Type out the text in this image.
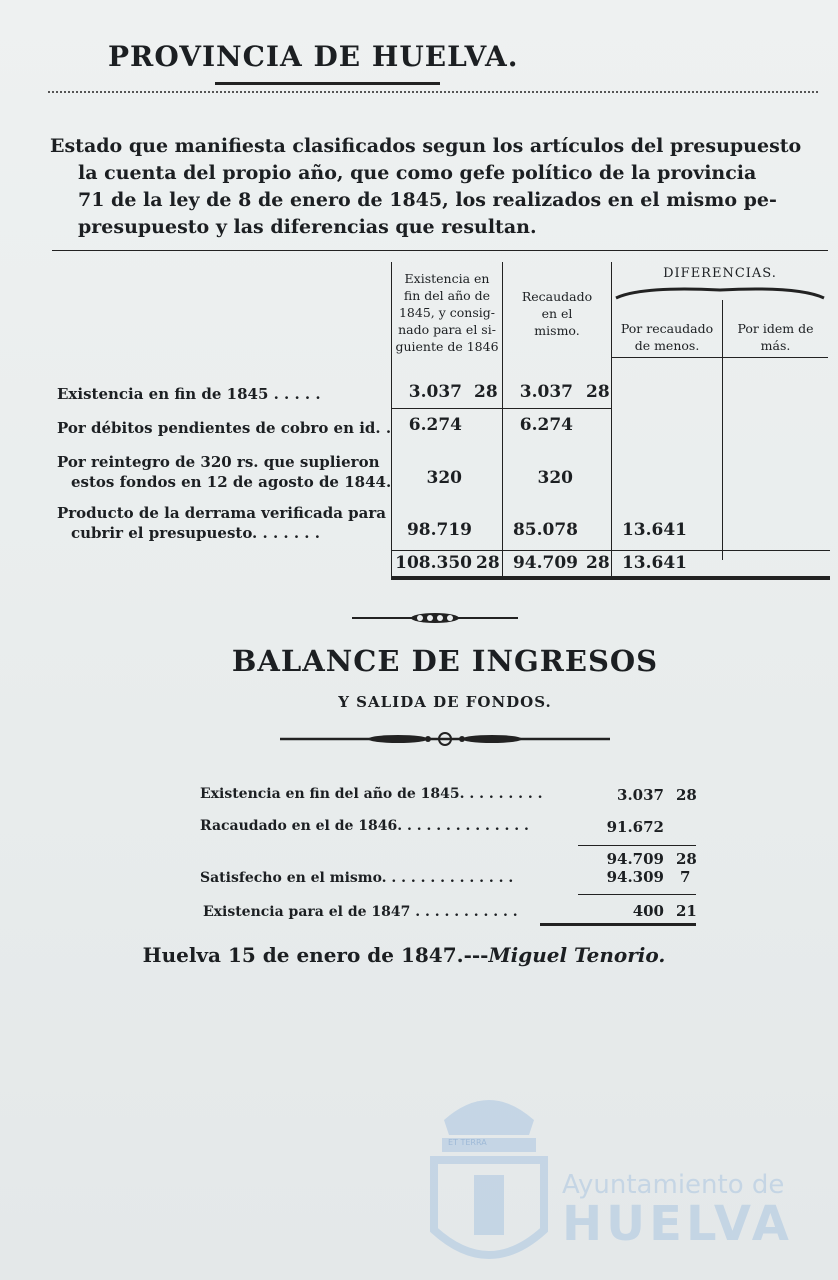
PROVINCIA DE HUELVA.

Estado que manifiesta clasificados segun los artículos del presupuesto

la cuenta del propio año, que como gefe político de la provincia

71 de la ley de 8 de enero de 1845, los realizados en el mismo pe-

presupuesto y las diferencias que resultan.

Existencia en
fin del año de
1845, y consig-
nado para el si-
guiente de 1846
Recaudado
en el
mismo.
DIFERENCIAS.
Por recaudado
de menos.
Por idem de
más.
Existencia en fin de 1845 . . . . .	3.037 28	3.037 28
Por débitos pendientes de cobro en id. .	6.274	6.274
Por reintegro de 320 rs. que suplieron
estos fondos en 12 de agosto de 1844.	320	320
Producto de la derrama verificada para
cubrir el presupuesto. . . . . . .	98.719	85.078	13.641
108.350 28 94.709 28 13.641
BALANCE DE INGRESOS
Y SALIDA DE FONDOS.
Existencia en fin del año de 1845. . . . . . . . .	3.037 28
Racaudado en el de 1846. . . . . . . . . . . . . .	91.672
94.709 28
Satisfecho en el mismo. . . . . . . . . . . . . .	94.309 7
Existencia para el de 1847 . . . . . . . . . . .	400 21
Huelva 15 de enero de 1847.---Miguel Tenorio.
ET TERRA
Ayuntamiento de
HUELVA
